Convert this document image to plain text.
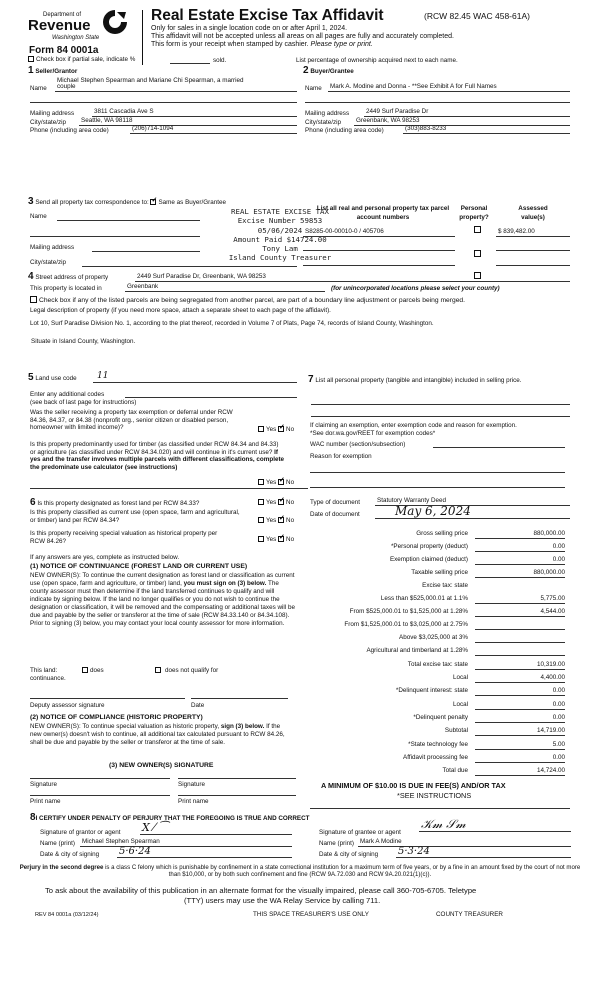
Department of
Revenue
Washington State
Form 84 0001a
Real Estate Excise Tax Affidavit	(RCW 82.45 WAC 458-61A)
Only for sales in a single location code on or after April 1, 2024.
This affidavit will not be accepted unless all areas on all pages are fully and accurately completed.
This form is your receipt when stamped by cashier. Please type or print.
Check box if partial sale, indicate %	sold.	List percentage of ownership acquired next to each name.
1 Seller/Grantor
Michael Stephen Spearman and Mariane Chi Spearman, a married
Name	couple
Mailing address	3811 Cascadia Ave S
City/state/zip	Seattle, WA 98118
Phone (including area code)	(206)714-1094
2 Buyer/Grantee
Name	Mark A. Modine and Donna - **See Exhibit A for Full Names
Mailing address	2449 Surf Paradise Dr
City/state/zip	Greenbank, WA 98253
Phone (including area code)	(303)883-8233
3 Send all property tax correspondence to: ✓ Same as Buyer/Grantee
Name
Mailing address
City/state/zip
REAL ESTATE EXCISE TAX
Excise Number 59853
05/06/2024
Amount Paid $14724.00
Tony Lam
Island County Treasurer
List all real and personal property tax parcel account numbers
Personal property?
Assessed value(s)
S8285-00-00010-0 / 405706	$ 839,482.00
4 Street address of property	2449 Surf Paradise Dr, Greenbank, WA 98253
This property is located in	Greenbank	(for unincorporated locations please select your county)
Check box if any of the listed parcels are being segregated from another parcel, are part of a boundary line adjustment or parcels being merged.
Legal description of property (if you need more space, attach a separate sheet to each page of the affidavit).
Lot 10, Surf Paradise Division No. 1, according to the plat thereof, recorded in Volume 7 of Plats, Page 74, records of Island County, Washington.
Situate in Island County, Washington.
5 Land use code	11
Enter any additional codes
(see back of last page for instructions)
Was the seller receiving a property tax exemption or deferral under RCW 84.36, 84.37, or 84.38 (nonprofit org., senior citizen or disabled person, homeowner with limited income)?	Yes ✓ No
Is this property predominantly used for timber (as classified under RCW 84.34 and 84.33) or agriculture (as classified under RCW 84.34.020) and will continue in it's current use? If yes and the transfer involves multiple parcels with different classifications, complete the predominate use calculator (see instructions)
Yes ✓ No
6 Is this property designated as forest land per RCW 84.33?	Yes ✓ No
Is this property classified as current use (open space, farm and agricultural, or timber) land per RCW 84.34?	Yes ✓ No
Is this property receiving special valuation as historical property per RCW 84.26?	Yes ✓ No
If any answers are yes, complete as instructed below.
(1) NOTICE OF CONTINUANCE (FOREST LAND OR CURRENT USE)
NEW OWNER(S): To continue the current designation as forest land or classification as current use (open space, farm and agriculture, or timber) land, you must sign on (3) below. The county assessor must then determine if the land transferred continues to qualify and will indicate by signing below. If the land no longer qualifies or you do not wish to continue the designation or classification, it will be removed and the compensating or additional taxes will be due and payable by the seller or transferor at the time of sale (RCW 84.33.140 or 84.34.108). Prior to signing (3) below, you may contact your local county assessor for more information.
This land:	does	does not qualify for continuance.
Deputy assessor signature	Date
(2) NOTICE OF COMPLIANCE (HISTORIC PROPERTY)
NEW OWNER(S): To continue special valuation as historic property, sign (3) below. If the new owner(s) doesn't wish to continue, all additional tax calculated pursuant to RCW 84.26, shall be due and payable by the seller or transferor at the time of sale.
(3) NEW OWNER(S) SIGNATURE
Signature	Signature
Print name	Print name
7 List all personal property (tangible and intangible) included in selling price.
If claiming an exemption, enter exemption code and reason for exemption. *See dor.wa.gov/REET for exemption codes*
WAC number (section/subsection)
Reason for exemption
Type of document	Statutory Warranty Deed
Date of document	May 6, 2024
Gross selling price	880,000.00
*Personal property (deduct)	0.00
Exemption claimed (deduct)	0.00
Taxable selling price	880,000.00
Excise tax: state
Less than $525,000.01 at 1.1%	5,775.00
From $525,000.01 to $1,525,000 at 1.28%	4,544.00
From $1,525,000.01 to $3,025,000 at 2.75%

Above $3,025,000 at 3%

Agricultural and timberland at 1.28%

Total excise tax: state	10,319.00
Local	4,400.00
*Delinquent interest: state	0.00
Local	0.00
*Delinquent penalty	0.00
Subtotal	14,719.00
*State technology fee	5.00
Affidavit processing fee	0.00
Total due	14,724.00
A MINIMUM OF $10.00 IS DUE IN FEE(S) AND/OR TAX
*SEE INSTRUCTIONS
8I CERTIFY UNDER PENALTY OF PERJURY THAT THE FOREGOING IS TRUE AND CORRECT
Signature of grantor or agent X ⁄ ⁀
Name (print)	Michael Stephen Spearman
Date & city of signing 5·6·24
Signature of grantee or agent
𝒦𝓂 𝒮𝓂
Name (print) Mark A Modine
Date & city of signing 5·3·24
Perjury in the second degree is a class C felony which is punishable by confinement in a state correctional institution for a maximum term of five years, or by a fine in an amount fixed by the court of not more than $10,000, or by both such confinement and fine (RCW 9A.72.030 and RCW 9A.20.021(1)(c)).
To ask about the availability of this publication in an alternate format for the visually impaired, please call 360-705-6705. Teletype
(TTY) users may use the WA Relay Service by calling 711.
REV 84 0001a (03/12/24)	THIS SPACE TREASURER'S USE ONLY	COUNTY TREASURER
